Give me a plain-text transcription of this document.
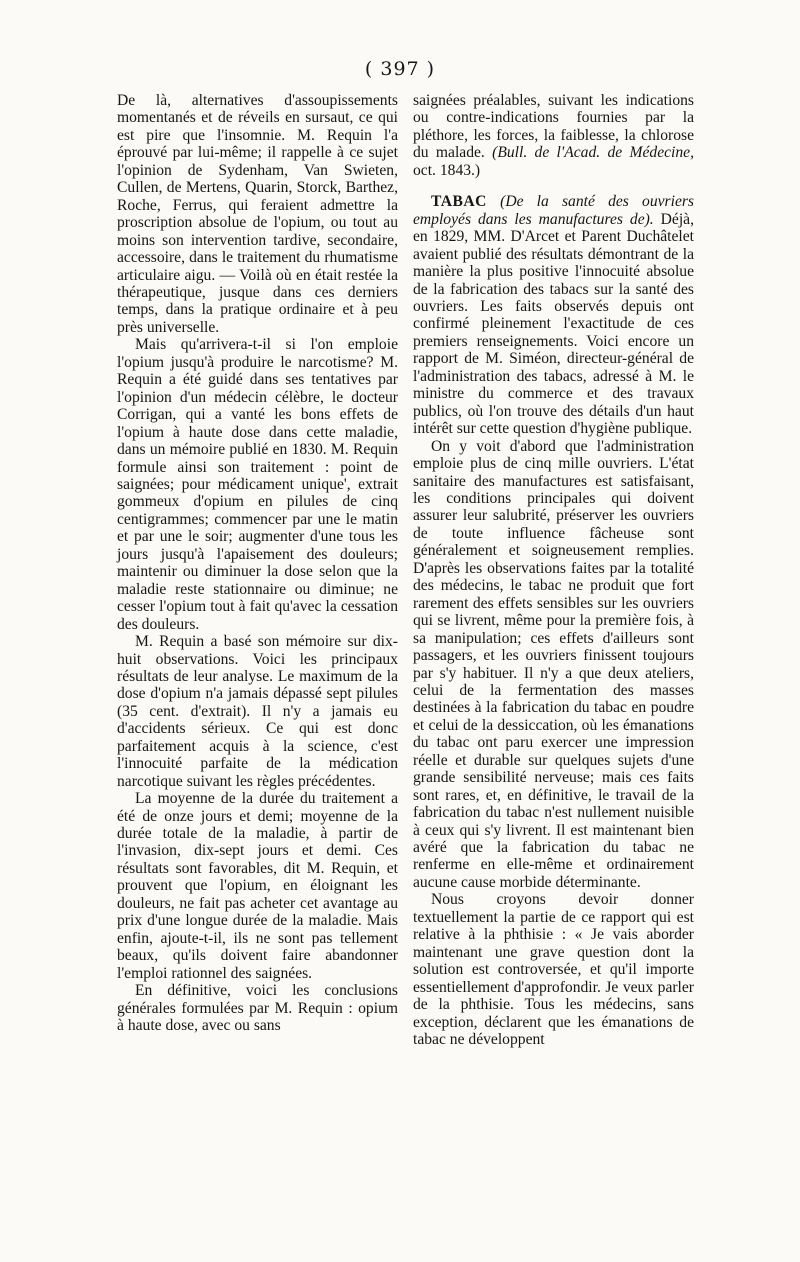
( 397 )

De là, alternatives d'assoupissements momentanés et de réveils en sursaut, ce qui est pire que l'insomnie. M. Requin l'a éprouvé par lui-même; il rappelle à ce sujet l'opinion de Sydenham, Van Swieten, Cullen, de Mertens, Quarin, Storck, Barthez, Roche, Ferrus, qui feraient admettre la proscription absolue de l'opium, ou tout au moins son intervention tardive, secondaire, accessoire, dans le traitement du rhumatisme articulaire aigu. — Voilà où en était restée la thérapeutique, jusque dans ces derniers temps, dans la pratique ordinaire et à peu près universelle.

Mais qu'arrivera-t-il si l'on emploie l'opium jusqu'à produire le narcotisme? M. Requin a été guidé dans ses tentatives par l'opinion d'un médecin célèbre, le docteur Corrigan, qui a vanté les bons effets de l'opium à haute dose dans cette maladie, dans un mémoire publié en 1830. M. Requin formule ainsi son traitement : point de saignées; pour médicament unique', extrait gommeux d'opium en pilules de cinq centigrammes; commencer par une le matin et par une le soir; augmenter d'une tous les jours jusqu'à l'apaisement des douleurs; maintenir ou diminuer la dose selon que la maladie reste stationnaire ou diminue; ne cesser l'opium tout à fait qu'avec la cessation des douleurs.

M. Requin a basé son mémoire sur dix-huit observations. Voici les principaux résultats de leur analyse. Le maximum de la dose d'opium n'a jamais dépassé sept pilules (35 cent. d'extrait). Il n'y a jamais eu d'accidents sérieux. Ce qui est donc parfaitement acquis à la science, c'est l'innocuité parfaite de la médication narcotique suivant les règles précédentes.

La moyenne de la durée du traitement a été de onze jours et demi; moyenne de la durée totale de la maladie, à partir de l'invasion, dix-sept jours et demi. Ces résultats sont favorables, dit M. Requin, et prouvent que l'opium, en éloignant les douleurs, ne fait pas acheter cet avantage au prix d'une longue durée de la maladie. Mais enfin, ajoute-t-il, ils ne sont pas tellement beaux, qu'ils doivent faire abandonner l'emploi rationnel des saignées.

En définitive, voici les conclusions générales formulées par M. Requin : opium à haute dose, avec ou sans

saignées préalables, suivant les indications ou contre-indications fournies par la pléthore, les forces, la faiblesse, la chlorose du malade. (Bull. de l'Acad. de Médecine, oct. 1843.)

TABAC (De la santé des ouvriers employés dans les manufactures de). Déjà, en 1829, MM. D'Arcet et Parent Duchâtelet avaient publié des résultats démontrant de la manière la plus positive l'innocuité absolue de la fabrication des tabacs sur la santé des ouvriers. Les faits observés depuis ont confirmé pleinement l'exactitude de ces premiers renseignements. Voici encore un rapport de M. Siméon, directeur-général de l'administration des tabacs, adressé à M. le ministre du commerce et des travaux publics, où l'on trouve des détails d'un haut intérêt sur cette question d'hygiène publique.

On y voit d'abord que l'administration emploie plus de cinq mille ouvriers. L'état sanitaire des manufactures est satisfaisant, les conditions principales qui doivent assurer leur salubrité, préserver les ouvriers de toute influence fâcheuse sont généralement et soigneusement remplies. D'après les observations faites par la totalité des médecins, le tabac ne produit que fort rarement des effets sensibles sur les ouvriers qui se livrent, même pour la première fois, à sa manipulation; ces effets d'ailleurs sont passagers, et les ouvriers finissent toujours par s'y habituer. Il n'y a que deux ateliers, celui de la fermentation des masses destinées à la fabrication du tabac en poudre et celui de la dessiccation, où les émanations du tabac ont paru exercer une impression réelle et durable sur quelques sujets d'une grande sensibilité nerveuse; mais ces faits sont rares, et, en définitive, le travail de la fabrication du tabac n'est nullement nuisible à ceux qui s'y livrent. Il est maintenant bien avéré que la fabrication du tabac ne renferme en elle-même et ordinairement aucune cause morbide déterminante.

Nous croyons devoir donner textuellement la partie de ce rapport qui est relative à la phthisie : « Je vais aborder maintenant une grave question dont la solution est controversée, et qu'il importe essentiellement d'approfondir. Je veux parler de la phthisie. Tous les médecins, sans exception, déclarent que les émanations de tabac ne développent
